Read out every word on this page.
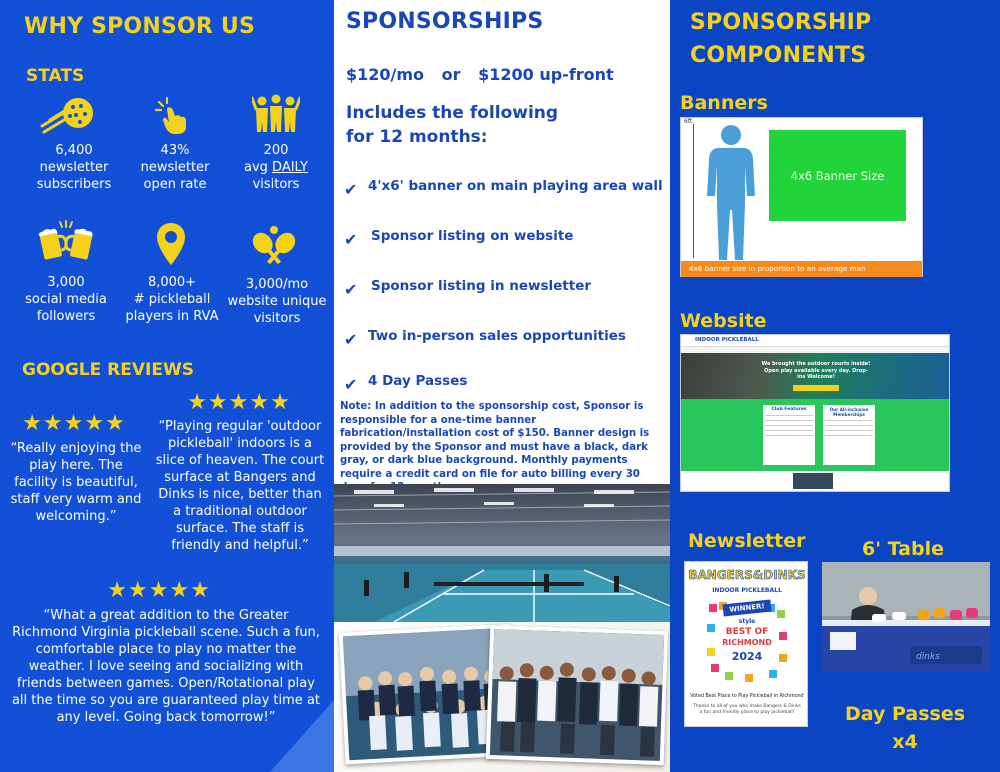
WHY SPONSOR US
STATS
6,400
newsletter
subscribers
43%
newsletter
open rate
200
avg DAILY
visitors
3,000
social media
followers
8,000+
# pickleball
players in RVA
3,000/mo
website unique
visitors
GOOGLE REVIEWS
★★★★★
“Really enjoying the play here. The facility is beautiful, staff very warm and welcoming.”
★★★★★
“Playing regular 'outdoor pickleball' indoors is a slice of heaven. The court surface at Bangers and Dinks is nice, better than a traditional outdoor surface. The staff is friendly and helpful.”
★★★★★
“What a great addition to the Greater Richmond Virginia pickleball scene. Such a fun, comfortable place to play no matter the weather. I love seeing and socializing with friends between games. Open/Rotational play all the time so you are guaranteed play time at any level. Going back tomorrow!”
SPONSORSHIPS
$120/mo or $1200 up-front
Includes the following
for 12 months:
✔ 4'x6' banner on main playing area wall
✔ Sponsor listing on website
✔ Sponsor listing in newsletter
✔ Two in-person sales opportunities
✔ 4 Day Passes
Note: In addition to the sponsorship cost, Sponsor is responsible for a one-time banner fabrication/installation cost of $150. Banner design is provided by the Sponsor and must have a black, dark gray, or dark blue background. Monthly payments require a credit card on file for auto billing every 30
SPONSORSHIP
COMPONENTS
Banners
6ft
4x6 Banner Size
4x6 banner size in proportion to an average man
Website
INDOOR PICKLEBALL
We brought the outdoor courts inside! Open play available every day. Drop-ins Welcome!
Club Features	Our All-inclusive Memberships
Newsletter
BANGERS&DINKS
INDOOR PICKLEBALL
WINNER!
style
BEST OF
RICHMOND
2024
Voted Best Place to Play Pickleball in Richmond
Thanks to all of you who make Bangers & Dinks a fun and friendly place to play pickleball!
6' Table
dinks
Day Passes
x4
